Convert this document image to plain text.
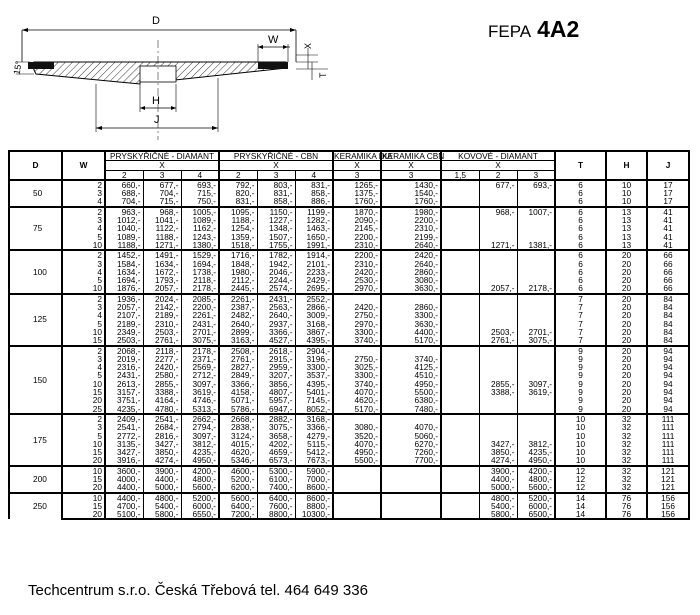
D
W	X
T
15°
H
J
FEPA 4A2
D	W	PRYSKYŘIČNÉ - DIAMANT			PRYSKYŘIČNÉ - CBN			KERAMIKA DIA	KERAMIKA CBN	KOVOVÉ - DIAMANT			T	H	J
		X			X			X	X	X					
		2	3	4	2	3	4	3	3	1,5	2	3			
50	2	660,-	677,-	693,-	792,-	803,-	831,-	1265,-	1430,-		677,-	693,-	6	10	17
	3	688,-	704,-	715,-	820,-	831,-	858,-	1375,-	1540,-				6	10	17
	4	704,-	715,-	750,-	831,-	858,-	886,-	1760,-	1760,-				6	10	17
75	2	963,-	968,-	1005,-	1095,-	1150,-	1199,-	1870,-	1980,-		968,-	1007,-	6	13	41
	3	1012,-	1041,-	1089,-	1188,-	1227,-	1282,-	2090,-	2200,-				6	13	41
	4	1040,-	1122,-	1162,-	1254,-	1348,-	1463,-	2145,-	2310,-				6	13	41
	5	1089,-	1188,-	1243,-	1359,-	1507,-	1650,-	2200,-	2199,-				6	13	41
	10	1188,-	1271,-	1380,-	1518,-	1755,-	1991,-	2310,-	2640,-		1271,-	1381,-	6	13	41
100	2	1452,-	1491,-	1529,-	1716,-	1782,-	1914,-	2200,-	2420,-				6	20	66
	3	1584,-	1634,-	1694,-	1848,-	1942,-	2101,-	2310,-	2640,-				6	20	66
	4	1634,-	1672,-	1738,-	1980,-	2046,-	2233,-	2420,-	2860,-				6	20	66
	5	1694,-	1793,-	2118,-	2112,-	2244,-	2429,-	2530,-	3080,-				6	20	66
	10	1876,-	2057,-	2178,-	2445,-	2574,-	2695,-	2970,-	3630,-		2057,-	2178,-	6	20	66
125	2	1936,-	2024,-	2085,-	2261,-	2431,-	2552,-						7	20	84
	3	2057,-	2142,-	2200,-	2387,-	2563,-	2866,-	2420,-	2860,-				7	20	84
	4	2107,-	2189,-	2261,-	2482,-	2640,-	3009,-	2750,-	3300,-				7	20	84
	5	2189,-	2310,-	2431,-	2640,-	2937,-	3168,-	2970,-	3630,-				7	20	84
	10	2349,-	2503,-	2701,-	2899,-	3366,-	3867,-	3300,-	4400,-		2503,-	2701,-	7	20	84
	15	2503,-	2761,-	3075,-	3163,-	4527,-	4395,-	3740,-	5170,-		2761,-	3075,-	7	20	84
150	2	2068,-	2118,-	2178,-	2508,-	2618,-	2904,-						9	20	94
	3	2019,-	2277,-	2371,-	2761,-	2915,-	3196,-	2750,-	3740,-				9	20	94
	4	2316,-	2420,-	2569,-	2827,-	2959,-	3300,-	3025,-	4125,-				9	20	94
	5	2431,-	2580,-	2712,-	2849,-	3207,-	3537,-	3300,-	4510,-				9	20	94
	10	2613,-	2855,-	3097,-	3366,-	3856,-	4395,-	3740,-	4950,-		2855,-	3097,-	9	20	94
	15	3157,-	3388,-	3619,-	4158,-	4807,-	5401,-	4070,-	5500,-		3388,-	3619,-	9	20	94
	20	3751,-	4164,-	4746,-	5071,-	5957,-	7145,-	4620,-	6380,-				9	20	94
	25	4235,-	4780,-	5313,-	5786,-	6947,-	8052,-	5170,-	7480,-				9	20	94
175	2	2409,-	2541,-	2662,-	2668,-	2882,-	3168,-						10	32	111
	3	2541,-	2684,-	2794,-	2838,-	3075,-	3366,-	3080,-	4070,-				10	32	111
	5	2772,-	2816,-	3097,-	3124,-	3658,-	4279,-	3520,-	5060,-				10	32	111
	10	3135,-	3427,-	3812,-	4015,-	4202,-	5115,-	4070,-	6270,-		3427,-	3812,-	10	32	111
	15	3427,-	3850,-	4235,-	4620,-	4659,-	5412,-	4950,-	7260,-		3850,-	4235,-	10	32	111
	20	3916,-	4274,-	4950,-	5346,-	6573,-	7673,-	5500,-	7700,-		4274,-	4950,-	10	32	111
200	10	3600,-	3900,-	4200,-	4600,-	5300,-	5900,-				3900,-	4200,-	12	32	121
	15	4000,-	4400,-	4800,-	5200,-	6100,-	7000,-				4400,-	4800,-	12	32	121
	20	4400,-	5000,-	5600,-	6200,-	7400,-	8600,-				5000,-	5600,-	12	32	121
250	10	4400,-	4800,-	5200,-	5600,-	6400,-	8600,-				4800,-	5200,-	14	76	156
	15	4700,-	5400,-	6000,-	6400,-	7600,-	8800,-				5400,-	6000,-	14	76	156
	20	5100,-	5800,-	6550,-	7200,-	8800,-	10300,-				5800,-	6500,-	14	76	156
Techcentrum s.r.o. Česká Třebová tel. 464 649 336
